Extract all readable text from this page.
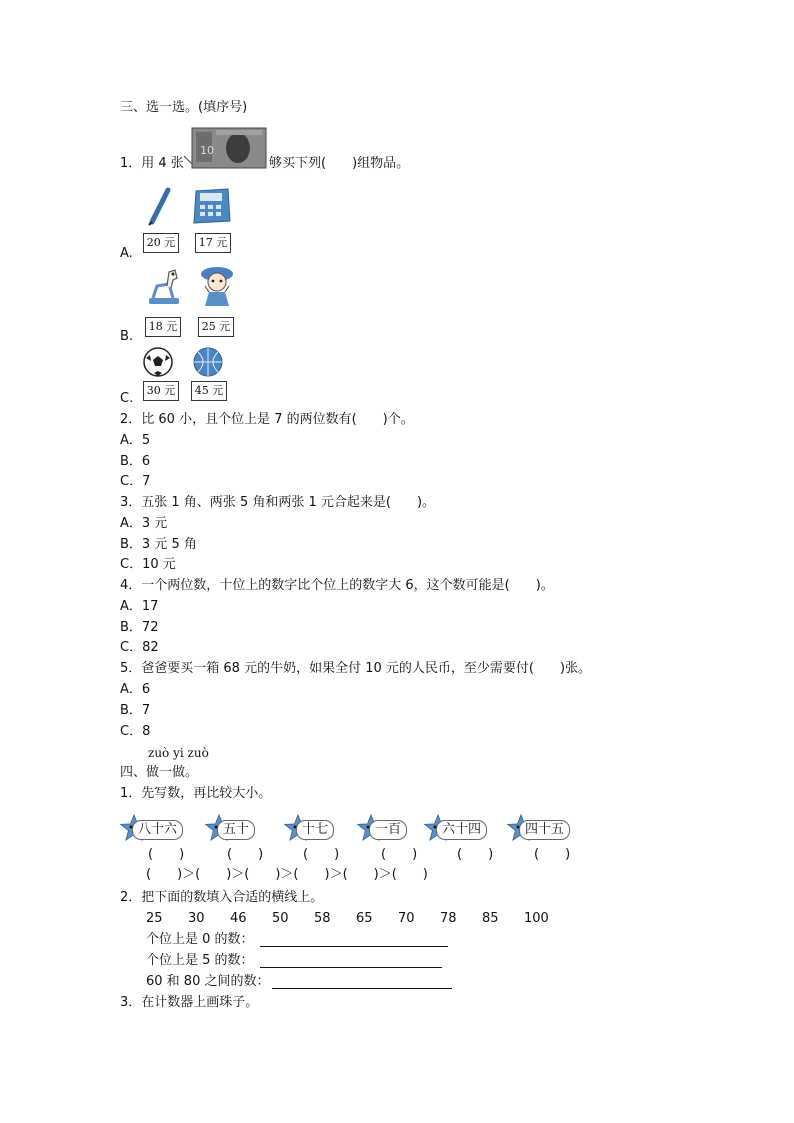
三、选一选。(填序号)
1．用 4 张
10
够买下列(　　)组物品。
A.
20 元	17 元
B.
18 元	25 元
C.
30 元	45 元
2．比 60 小，且个位上是 7 的两位数有(　　)个。
A．5
B．6
C．7
3．五张 1 角、两张 5 角和两张 1 元合起来是(　　)。
A．3 元
B．3 元 5 角
C．10 元
4．一个两位数，十位上的数字比个位上的数字大 6，这个数可能是(　　)。
A．17
B．72
C．82
5．爸爸要买一箱 68 元的牛奶，如果全付 10 元的人民币，至少需要付(　　)张。
A．6
B．7
C．8
zuò yi zuò
四、做一做。
1．先写数，再比较大小。
八十六	五十	十七	一百	六十四	四十五
(　　)	(　　)	(　　)	(　　)	(　　)	(　　)
(　　)＞(　　)＞(　　)＞(　　)＞(　　)＞(　　)
2．把下面的数填入合适的横线上。
25 30 46 50 58 65 70 78 85 100
个位上是 0 的数：
个位上是 5 的数：
60 和 80 之间的数：
3．在计数器上画珠子。
